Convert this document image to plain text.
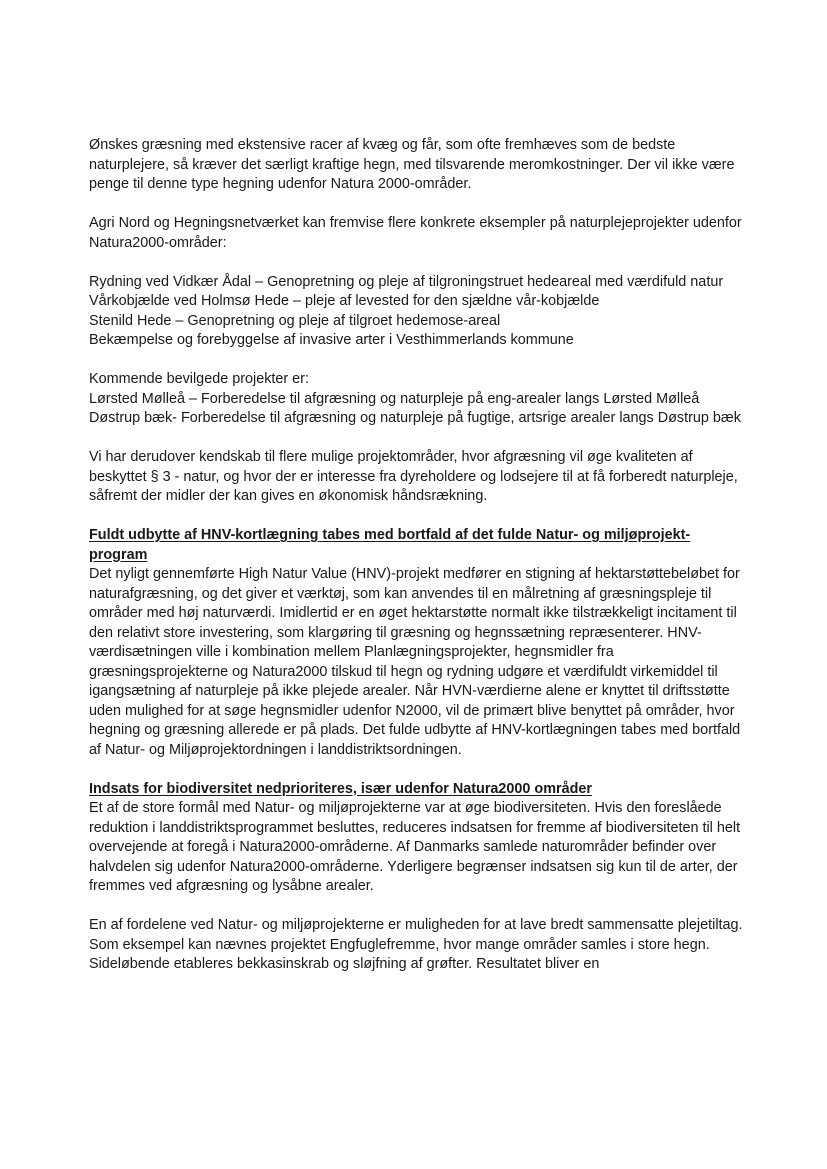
Ønskes græsning med ekstensive racer af kvæg og får, som ofte fremhæves som de bedste naturplejere, så kræver det særligt kraftige hegn, med tilsvarende meromkostninger. Der vil ikke være penge til denne type hegning udenfor Natura 2000-områder.

Agri Nord og Hegningsnetværket kan fremvise flere konkrete eksempler på naturplejeprojekter udenfor Natura2000-områder:

Rydning ved Vidkær Ådal – Genopretning og pleje af tilgroningstruet hedeareal med værdifuld natur
Vårkobjælde ved Holmsø Hede – pleje af levested for den sjældne vår-kobjælde
Stenild Hede – Genopretning og pleje af tilgroet hedemose-areal
Bekæmpelse og forebyggelse af invasive arter i Vesthimmerlands kommune

Kommende bevilgede projekter er:
Lørsted Mølleå – Forberedelse til afgræsning og naturpleje på eng-arealer langs Lørsted Mølleå
Døstrup bæk- Forberedelse til afgræsning og naturpleje på fugtige, artsrige arealer langs Døstrup bæk

Vi har derudover kendskab til flere mulige projektområder, hvor afgræsning vil øge kvaliteten af beskyttet § 3 - natur, og hvor der er interesse fra dyreholdere og lodsejere til at få forberedt naturpleje, såfremt der midler der kan gives en økonomisk håndsrækning.

Fuldt udbytte af HNV-kortlægning tabes med bortfald af det fulde Natur- og miljøprojekt-program

Det nyligt gennemførte High Natur Value (HNV)-projekt medfører en stigning af hektarstøttebeløbet for naturafgræsning, og det giver et værktøj, som kan anvendes til en målretning af græsningspleje til områder med høj naturværdi. Imidlertid er en øget hektarstøtte normalt ikke tilstrækkeligt incitament til den relativt store investering, som klargøring til græsning og hegnssætning repræsenterer. HNV-værdisætningen ville i kombination mellem Planlægningsprojekter, hegnsmidler fra græsningsprojekterne og Natura2000 tilskud til hegn og rydning udgøre et værdifuldt virkemiddel til igangsætning af naturpleje på ikke plejede arealer. Når HVN-værdierne alene er knyttet til driftsstøtte uden mulighed for at søge hegnsmidler udenfor N2000, vil de primært blive benyttet på områder, hvor hegning og græsning allerede er på plads. Det fulde udbytte af HNV-kortlægningen tabes med bortfald af Natur- og Miljøprojektordningen i landdistriktsordningen.

Indsats for biodiversitet nedprioriteres, især udenfor Natura2000 områder

Et af de store formål med Natur- og miljøprojekterne var at øge biodiversiteten. Hvis den foreslåede reduktion i landdistriktsprogrammet besluttes, reduceres indsatsen for fremme af biodiversiteten til helt overvejende at foregå i Natura2000-områderne. Af Danmarks samlede naturområder befinder over halvdelen sig udenfor Natura2000-områderne. Yderligere begrænser indsatsen sig kun til de arter, der fremmes ved afgræsning og lysåbne arealer.

En af fordelene ved Natur- og miljøprojekterne er muligheden for at lave bredt sammensatte plejetiltag. Som eksempel kan nævnes projektet Engfuglefremme, hvor mange områder samles i store hegn. Sideløbende etableres bekkasinskrab og sløjfning af grøfter. Resultatet bliver en
